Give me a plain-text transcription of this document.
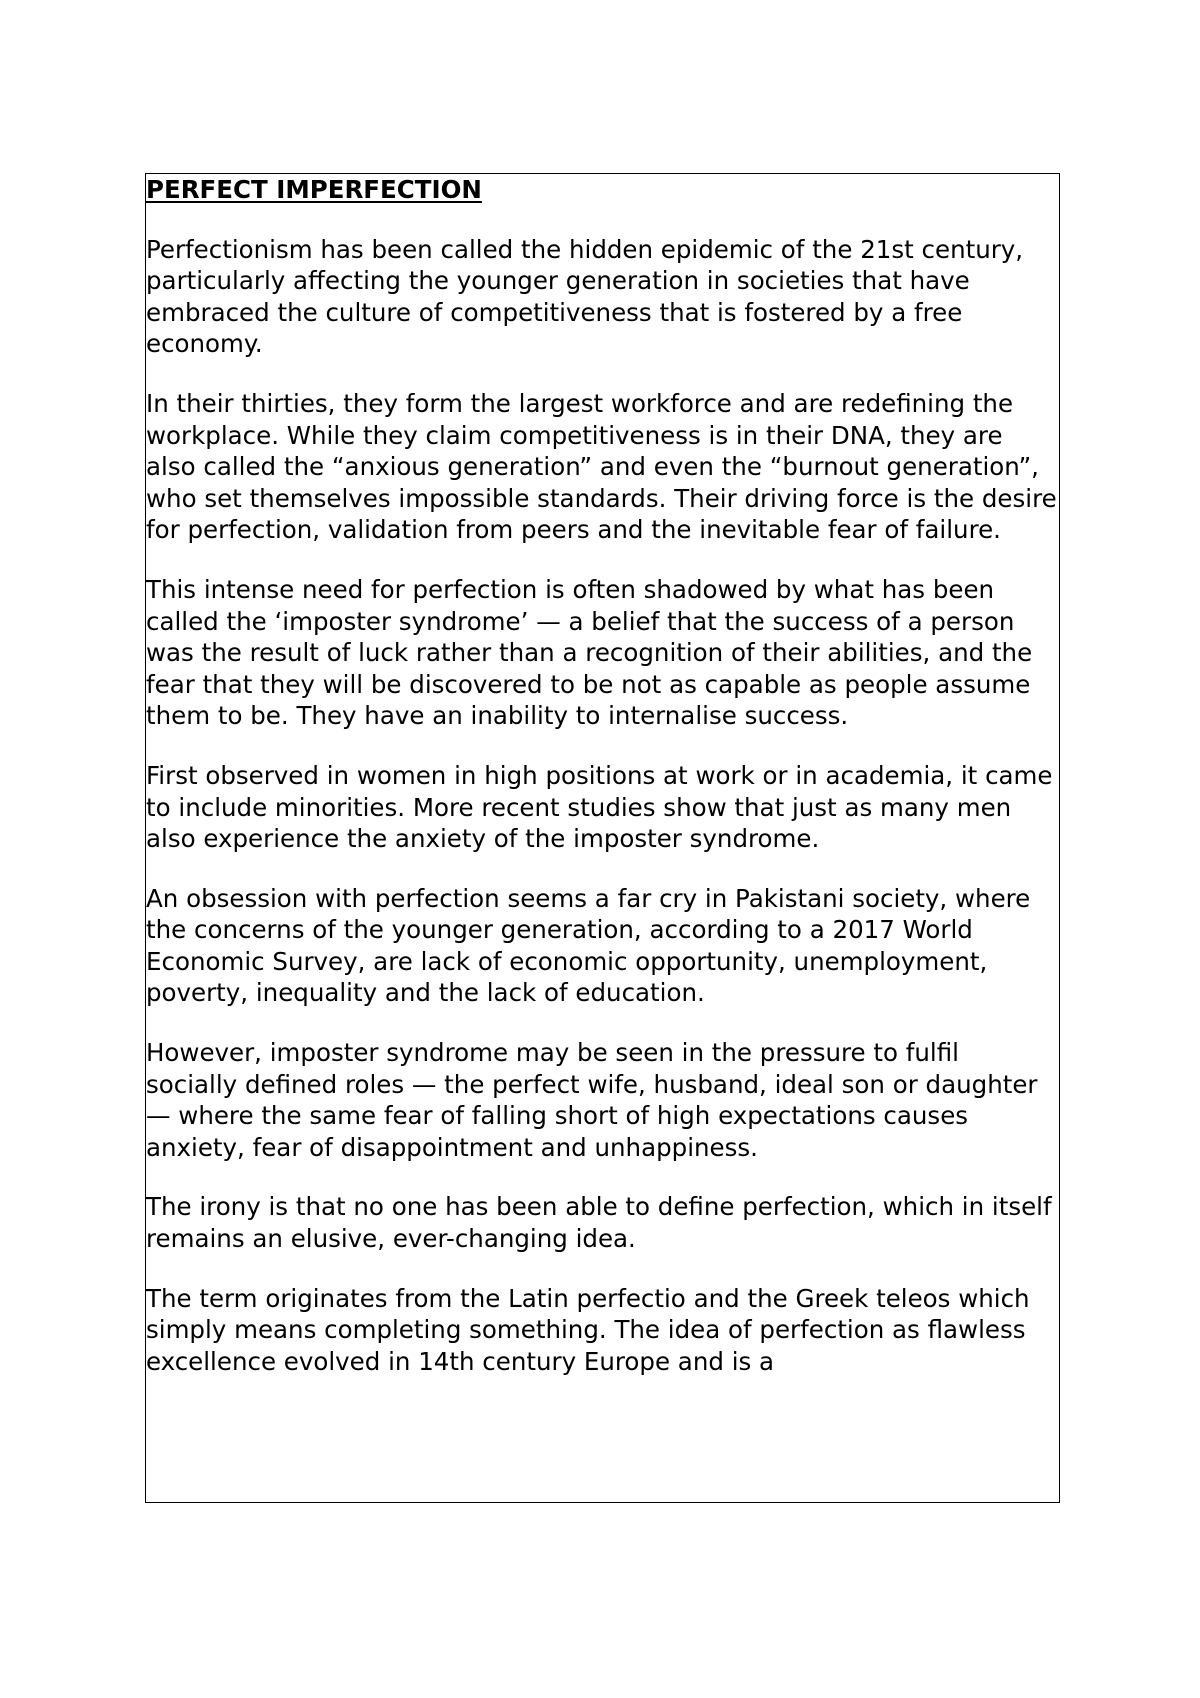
PERFECT IMPERFECTION

Perfectionism has been called the hidden epidemic of the 21st century, particularly affecting the younger generation in societies that have embraced the culture of competitiveness that is fostered by a free economy.

In their thirties, they form the largest workforce and are redefining the workplace. While they claim competitiveness is in their DNA, they are also called the “anxious generation” and even the “burnout generation”, who set themselves impossible standards. Their driving force is the desire for perfection, validation from peers and the inevitable fear of failure.

This intense need for perfection is often shadowed by what has been called the ‘imposter syndrome’ — a belief that the success of a person was the result of luck rather than a recognition of their abilities, and the fear that they will be discovered to be not as capable as people assume them to be. They have an inability to internalise success.

First observed in women in high positions at work or in academia, it came to include minorities. More recent studies show that just as many men also experience the anxiety of the imposter syndrome.

An obsession with perfection seems a far cry in Pakistani society, where the concerns of the younger generation, according to a 2017 World Economic Survey, are lack of economic opportunity, unemployment, poverty, inequality and the lack of education.

However, imposter syndrome may be seen in the pressure to fulfil socially defined roles — the perfect wife, husband, ideal son or daughter — where the same fear of falling short of high expectations causes anxiety, fear of disappointment and unhappiness.

The irony is that no one has been able to define perfection, which in itself remains an elusive, ever-changing idea.

The term originates from the Latin perfectio and the Greek teleos which simply means completing something. The idea of perfection as flawless excellence evolved in 14th century Europe and is a
